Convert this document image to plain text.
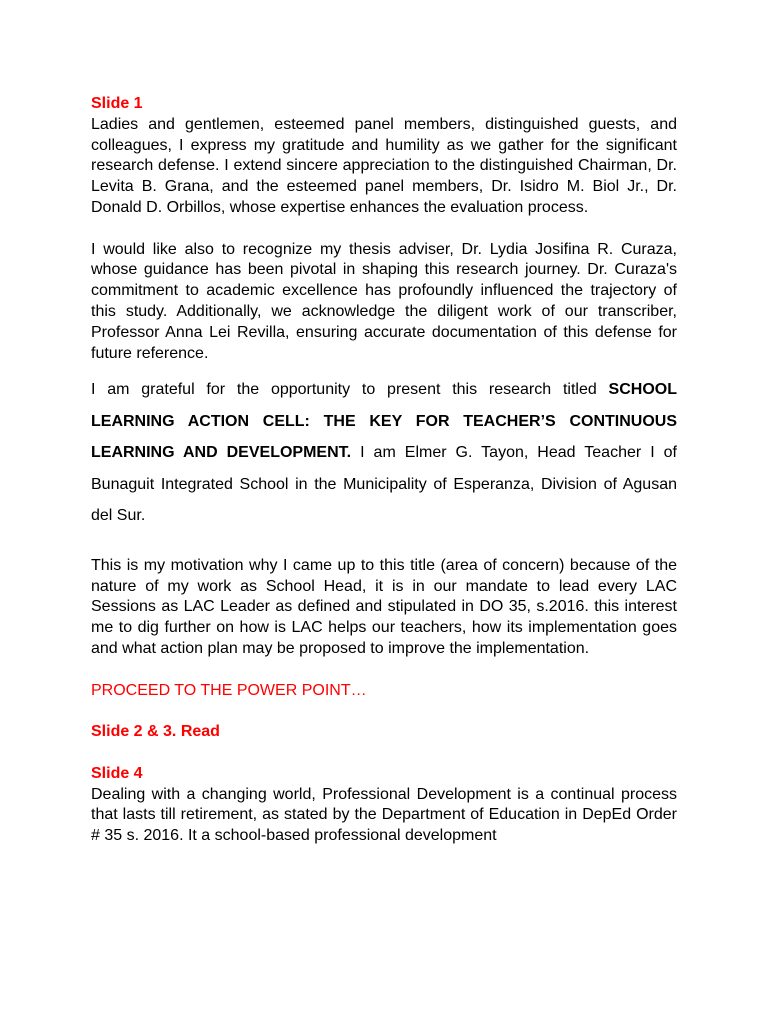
Slide 1

Ladies and gentlemen, esteemed panel members, distinguished guests, and colleagues, I express my gratitude and humility as we gather for the significant research defense. I extend sincere appreciation to the distinguished Chairman, Dr. Levita B. Grana, and the esteemed panel members, Dr. Isidro M. Biol Jr., Dr. Donald D. Orbillos, whose expertise enhances the evaluation process.

I would like also to recognize my thesis adviser, Dr. Lydia Josifina R. Curaza, whose guidance has been pivotal in shaping this research journey. Dr. Curaza's commitment to academic excellence has profoundly influenced the trajectory of this study. Additionally, we acknowledge the diligent work of our transcriber, Professor Anna Lei Revilla, ensuring accurate documentation of this defense for future reference.

I am grateful for the opportunity to present this research titled SCHOOL LEARNING ACTION CELL: THE KEY FOR TEACHER’S CONTINUOUS LEARNING AND DEVELOPMENT. I am Elmer G. Tayon, Head Teacher I of Bunaguit Integrated School in the Municipality of Esperanza, Division of Agusan del Sur.

This is my motivation why I came up to this title (area of concern) because of the nature of my work as School Head, it is in our mandate to lead every LAC Sessions as LAC Leader as defined and stipulated in DO 35, s.2016. this interest me to dig further on how is LAC helps our teachers, how its implementation goes and what action plan may be proposed to improve the implementation.

PROCEED TO THE POWER POINT…

Slide 2 & 3. Read

Slide 4

Dealing with a changing world, Professional Development is a continual process that lasts till retirement, as stated by the Department of Education in DepEd Order # 35 s. 2016. It a school-based professional development
